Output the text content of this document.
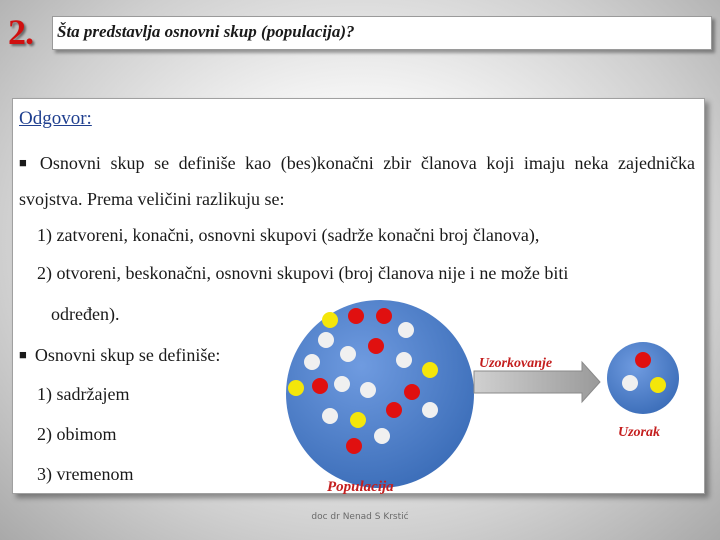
2. Šta predstavlja osnovni skup (populacija)?
Odgovor:
■ Osnovni skup se definiše kao (bes)konačni zbir članova koji imaju neka zajednička svojstva. Prema veličini razlikuju se:
1) zatvoreni, konačni, osnovni skupovi (sadrže konačni broj članova),
2) otvoreni, beskonačni, osnovni skupovi (broj članova nije i ne može biti
određen).
■ Osnovni skup se definiše:
1) sadržajem
2) obimom
3) vremenom
Uzorkovanje
Uzorak
Populacija
doc dr Nenad S Krstić
